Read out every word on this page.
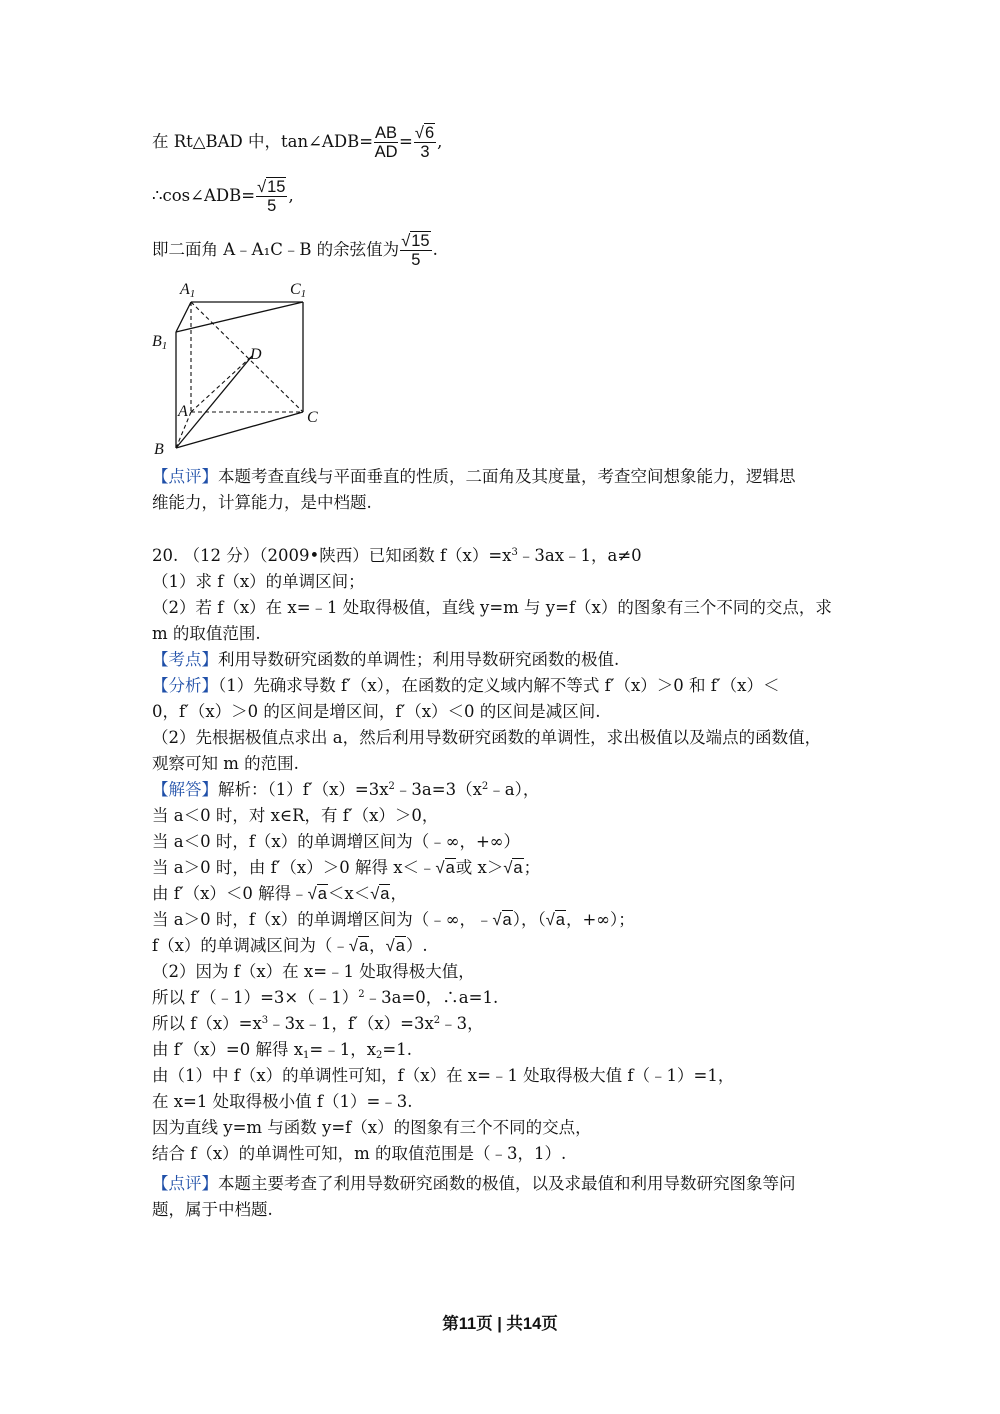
在 Rt△BAD 中，tan∠ADB= $\frac{AB}{AD} = \frac{√6}{3}$ ,
∴cos∠ADB= $\frac{√15}{5}$ ,
即二面角 A﹣A₁C﹣B 的余弦值为 $\frac{√15}{5}$ .
A1	C1
B1	D
A	C
B
【点评】本题考查直线与平面垂直的性质，二面角及其度量，考查空间想象能力，逻辑思
维能力，计算能力，是中档题.
20. （12 分）（2009•陕西）已知函数 $f(x)=x^3﹣3ax﹣1$，a≠0
（1）求 f（x）的单调区间；
（2）若 f（x）在 x=﹣1 处取得极值，直线 y=m 与 y=f（x）的图象有三个不同的交点，求
m 的取值范围.
【考点】利用导数研究函数的单调性；利用导数研究函数的极值.
【分析】（1）先确求导数 f′（x），在函数的定义域内解不等式 f′（x）＞0 和 f′（x）＜
0，f′（x）＞0 的区间是增区间，f′（x）＜0 的区间是减区间.
（2）先根据极值点求出 a，然后利用导数研究函数的单调性，求出极值以及端点的函数值，
观察可知 m 的范围.
【解答】解析：$(1)f'(x)=3x^2﹣3a=3(x^2﹣a)$，
当 a＜0 时，对 x∈R，有 f′（x）＞0，
当 a＜0 时，f（x）的单调增区间为（﹣∞，+∞）
当 a＞0 时，由 f′（x）＞0 解得 x＜﹣√a或 x＞√a；
由 f′（x）＜0 解得﹣√a＜x＜√a，
当 a＞0 时，f（x）的单调增区间为（﹣∞，﹣√a），（√a，+∞）；
f（x）的单调减区间为（﹣√a，√a）.
（2）因为 f（x）在 x=﹣1 处取得极大值，
所以 f′（﹣1）=3×（﹣1）$^2$﹣3a=0，∴a=1.
所以 $f(x)=x^3﹣3x﹣1$，$f'(x)=3x^2﹣3$，
由 f′（x）=0 解得 $x_1=﹣1$，$x_2=1$.
由（1）中 f（x）的单调性可知，f（x）在 x=﹣1 处取得极大值 f（﹣1）=1，
在 x=1 处取得极小值 f（1）=﹣3.
因为直线 y=m 与函数 y=f（x）的图象有三个不同的交点，
结合 f（x）的单调性可知，m 的取值范围是（﹣3，1）.
【点评】本题主要考查了利用导数研究函数的极值，以及求最值和利用导数研究图象等问
题，属于中档题.
第11页 | 共14页
